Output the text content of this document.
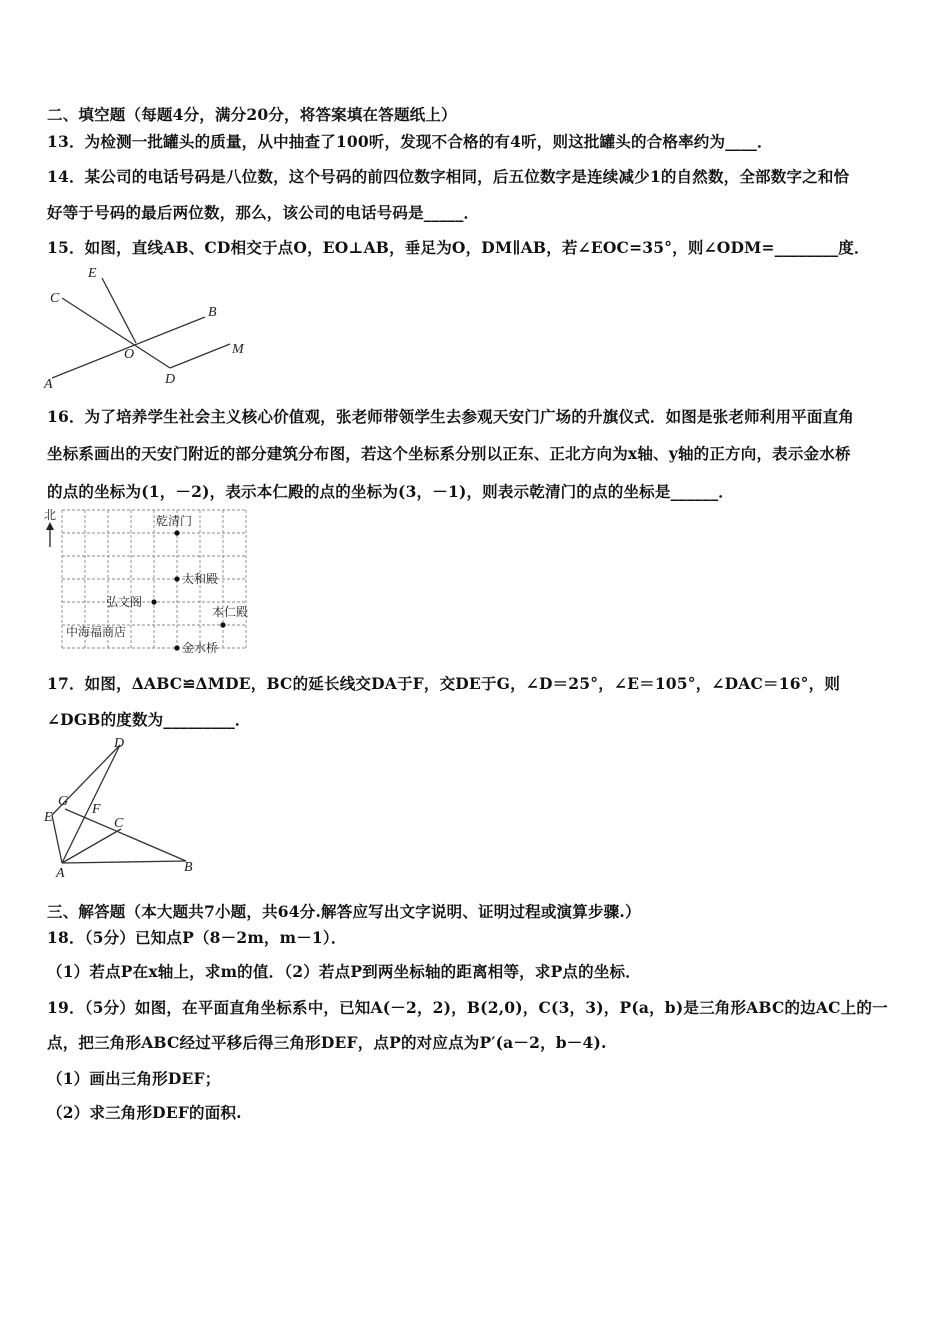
二、填空题（每题4分，满分20分，将答案填在答题纸上）
13．为检测一批罐头的质量，从中抽查了100听，发现不合格的有4听，则这批罐头的合格率约为____．
14．某公司的电话号码是八位数，这个号码的前四位数字相同，后五位数字是连续减少1的自然数，全部数字之和恰
好等于号码的最后两位数，那么，该公司的电话号码是_____．
15．如图，直线AB、CD相交于点O，EO⊥AB，垂足为O，DM∥AB，若∠EOC=35°，则∠ODM=________度．
E
C
B
O	M
D
A
16．为了培养学生社会主义核心价值观，张老师带领学生去参观天安门广场的升旗仪式．如图是张老师利用平面直角
坐标系画出的天安门附近的部分建筑分布图，若这个坐标系分别以正东、正北方向为x轴、y轴的正方向，表示金水桥
的点的坐标为(1，－2)，表示本仁殿的点的坐标为(3，－1)，则表示乾清门的点的坐标是______．
北	乾清门
太和殿
弘文阁
本仁殿
中海福商店
金水桥
17．如图，ΔABC≌ΔMDE，BC的延长线交DA于F，交DE于G，∠D＝25°，∠E＝105°，∠DAC＝16°，则
∠DGB的度数为_________．
D
G
F
C
E
A	B
三、解答题（本大题共7小题，共64分.解答应写出文字说明、证明过程或演算步骤.）
18．（5分）已知点P（8－2m，m－1）．
（1）若点P在x轴上，求m的值．（2）若点P到两坐标轴的距离相等，求P点的坐标．
19．（5分）如图，在平面直角坐标系中，已知A(－2，2)，B(2,0)，C(3，3)，P(a，b)是三角形ABC的边AC上的一
点，把三角形ABC经过平移后得三角形DEF，点P的对应点为P′(a－2，b－4).
（1）画出三角形DEF；
（2）求三角形DEF的面积.
